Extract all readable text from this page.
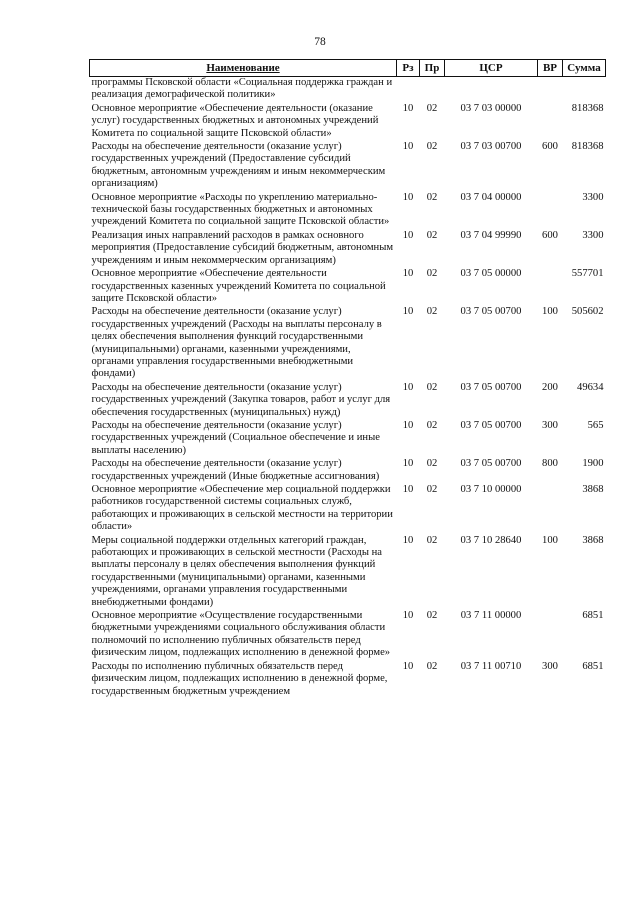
78
Наименование	Рз	Пр	ЦСР	ВР	Сумма
программы Псковской области «Социальная поддержка граждан и реализация демографической политики»					
Основное мероприятие «Обеспечение деятельности (оказание услуг) государственных бюджетных и автономных учреждений Комитета по социальной защите Псковской области»	10	02	03 7 03 00000		818368
Расходы на обеспечение деятельности (оказание услуг) государственных учреждений (Предоставление субсидий бюджетным, автономным учреждениям и иным некоммерческим организациям)	10	02	03 7 03 00700	600	818368
Основное мероприятие «Расходы по укреплению материально-технической базы государственных бюджетных и автономных учреждений Комитета по социальной защите Псковской области»	10	02	03 7 04 00000		3300
Реализация иных направлений расходов в рамках основного мероприятия (Предоставление субсидий бюджетным, автономным учреждениям и иным некоммерческим организациям)	10	02	03 7 04 99990	600	3300
Основное мероприятие «Обеспечение деятельности государственных казенных учреждений Комитета по социальной защите Псковской области»	10	02	03 7 05 00000		557701
Расходы на обеспечение деятельности (оказание услуг) государственных учреждений (Расходы на выплаты персоналу в целях обеспечения выполнения функций государственными (муниципальными) органами, казенными учреждениями, органами управления государственными внебюджетными фондами)	10	02	03 7 05 00700	100	505602
Расходы на обеспечение деятельности (оказание услуг) государственных учреждений (Закупка товаров, работ и услуг для обеспечения государственных (муниципальных) нужд)	10	02	03 7 05 00700	200	49634
Расходы на обеспечение деятельности (оказание услуг) государственных учреждений (Социальное обеспечение и иные выплаты населению)	10	02	03 7 05 00700	300	565
Расходы на обеспечение деятельности (оказание услуг) государственных учреждений (Иные бюджетные ассигнования)	10	02	03 7 05 00700	800	1900
Основное мероприятие «Обеспечение мер социальной поддержки работников государственной системы социальных служб, работающих и проживающих в сельской местности на территории области»	10	02	03 7 10 00000		3868
Меры социальной поддержки отдельных категорий граждан, работающих и проживающих в сельской местности (Расходы на выплаты персоналу в целях обеспечения выполнения функций государственными (муниципальными) органами, казенными учреждениями, органами управления государственными внебюджетными фондами)	10	02	03 7 10 28640	100	3868
Основное мероприятие «Осуществление государственными бюджетными учреждениями социального обслуживания области полномочий по исполнению публичных обязательств перед физическим лицом, подлежащих исполнению в денежной форме»	10	02	03 7 11 00000		6851
Расходы по исполнению публичных обязательств перед физическим лицом, подлежащих исполнению в денежной форме, государственным бюджетным учреждением	10	02	03 7 11 00710	300	6851
